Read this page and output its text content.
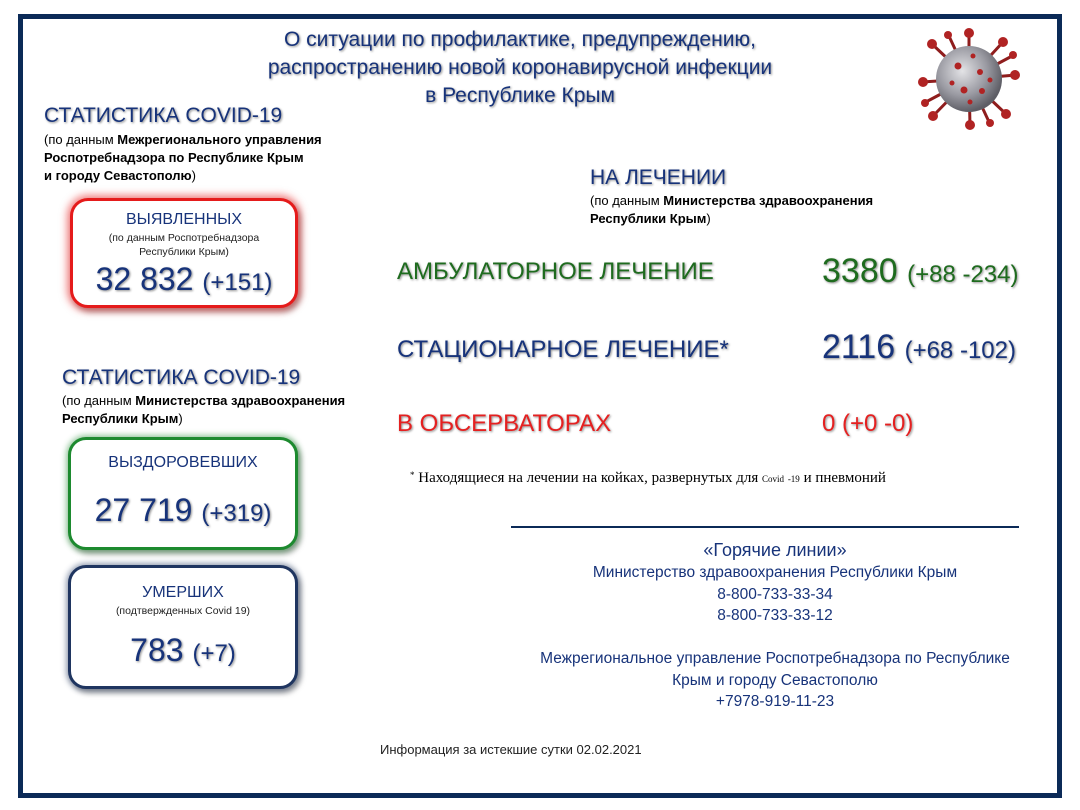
О ситуации по профилактике, предупреждению,
распространению новой коронавирусной инфекции
в Республике Крым
СТАТИСТИКА COVID-19
(по данным Межрегионального управления
Роспотребнадзора по Республике Крым
и городу Севастополю)
ВЫЯВЛЕННЫХ
(по данным Роспотребнадзора
Республики Крым)
32 832 (+151)
СТАТИСТИКА COVID-19
(по данным Министерства здравоохранения
Республики Крым)
ВЫЗДОРОВЕВШИХ
27 719 (+319)
УМЕРШИХ
(подтвержденных Covid 19)
783 (+7)
НА ЛЕЧЕНИИ
(по данным Министерства здравоохранения
Республики Крым)
АМБУЛАТОРНОЕ ЛЕЧЕНИЕ	3380 (+88 -234)
СТАЦИОНАРНОЕ ЛЕЧЕНИЕ*	2116 (+68 -102)
В ОБСЕРВАТОРАХ	0 (+0 -0)
* Находящиеся на лечении на койках, развернутых для Covid -19 и пневмоний
«Горячие линии»
Министерство здравоохранения Республики Крым
8-800-733-33-34
8-800-733-33-12
Межрегиональное управление Роспотребнадзора по Республике
Крым и городу Севастополю
+7978-919-11-23
Информация за истекшие сутки 02.02.2021
